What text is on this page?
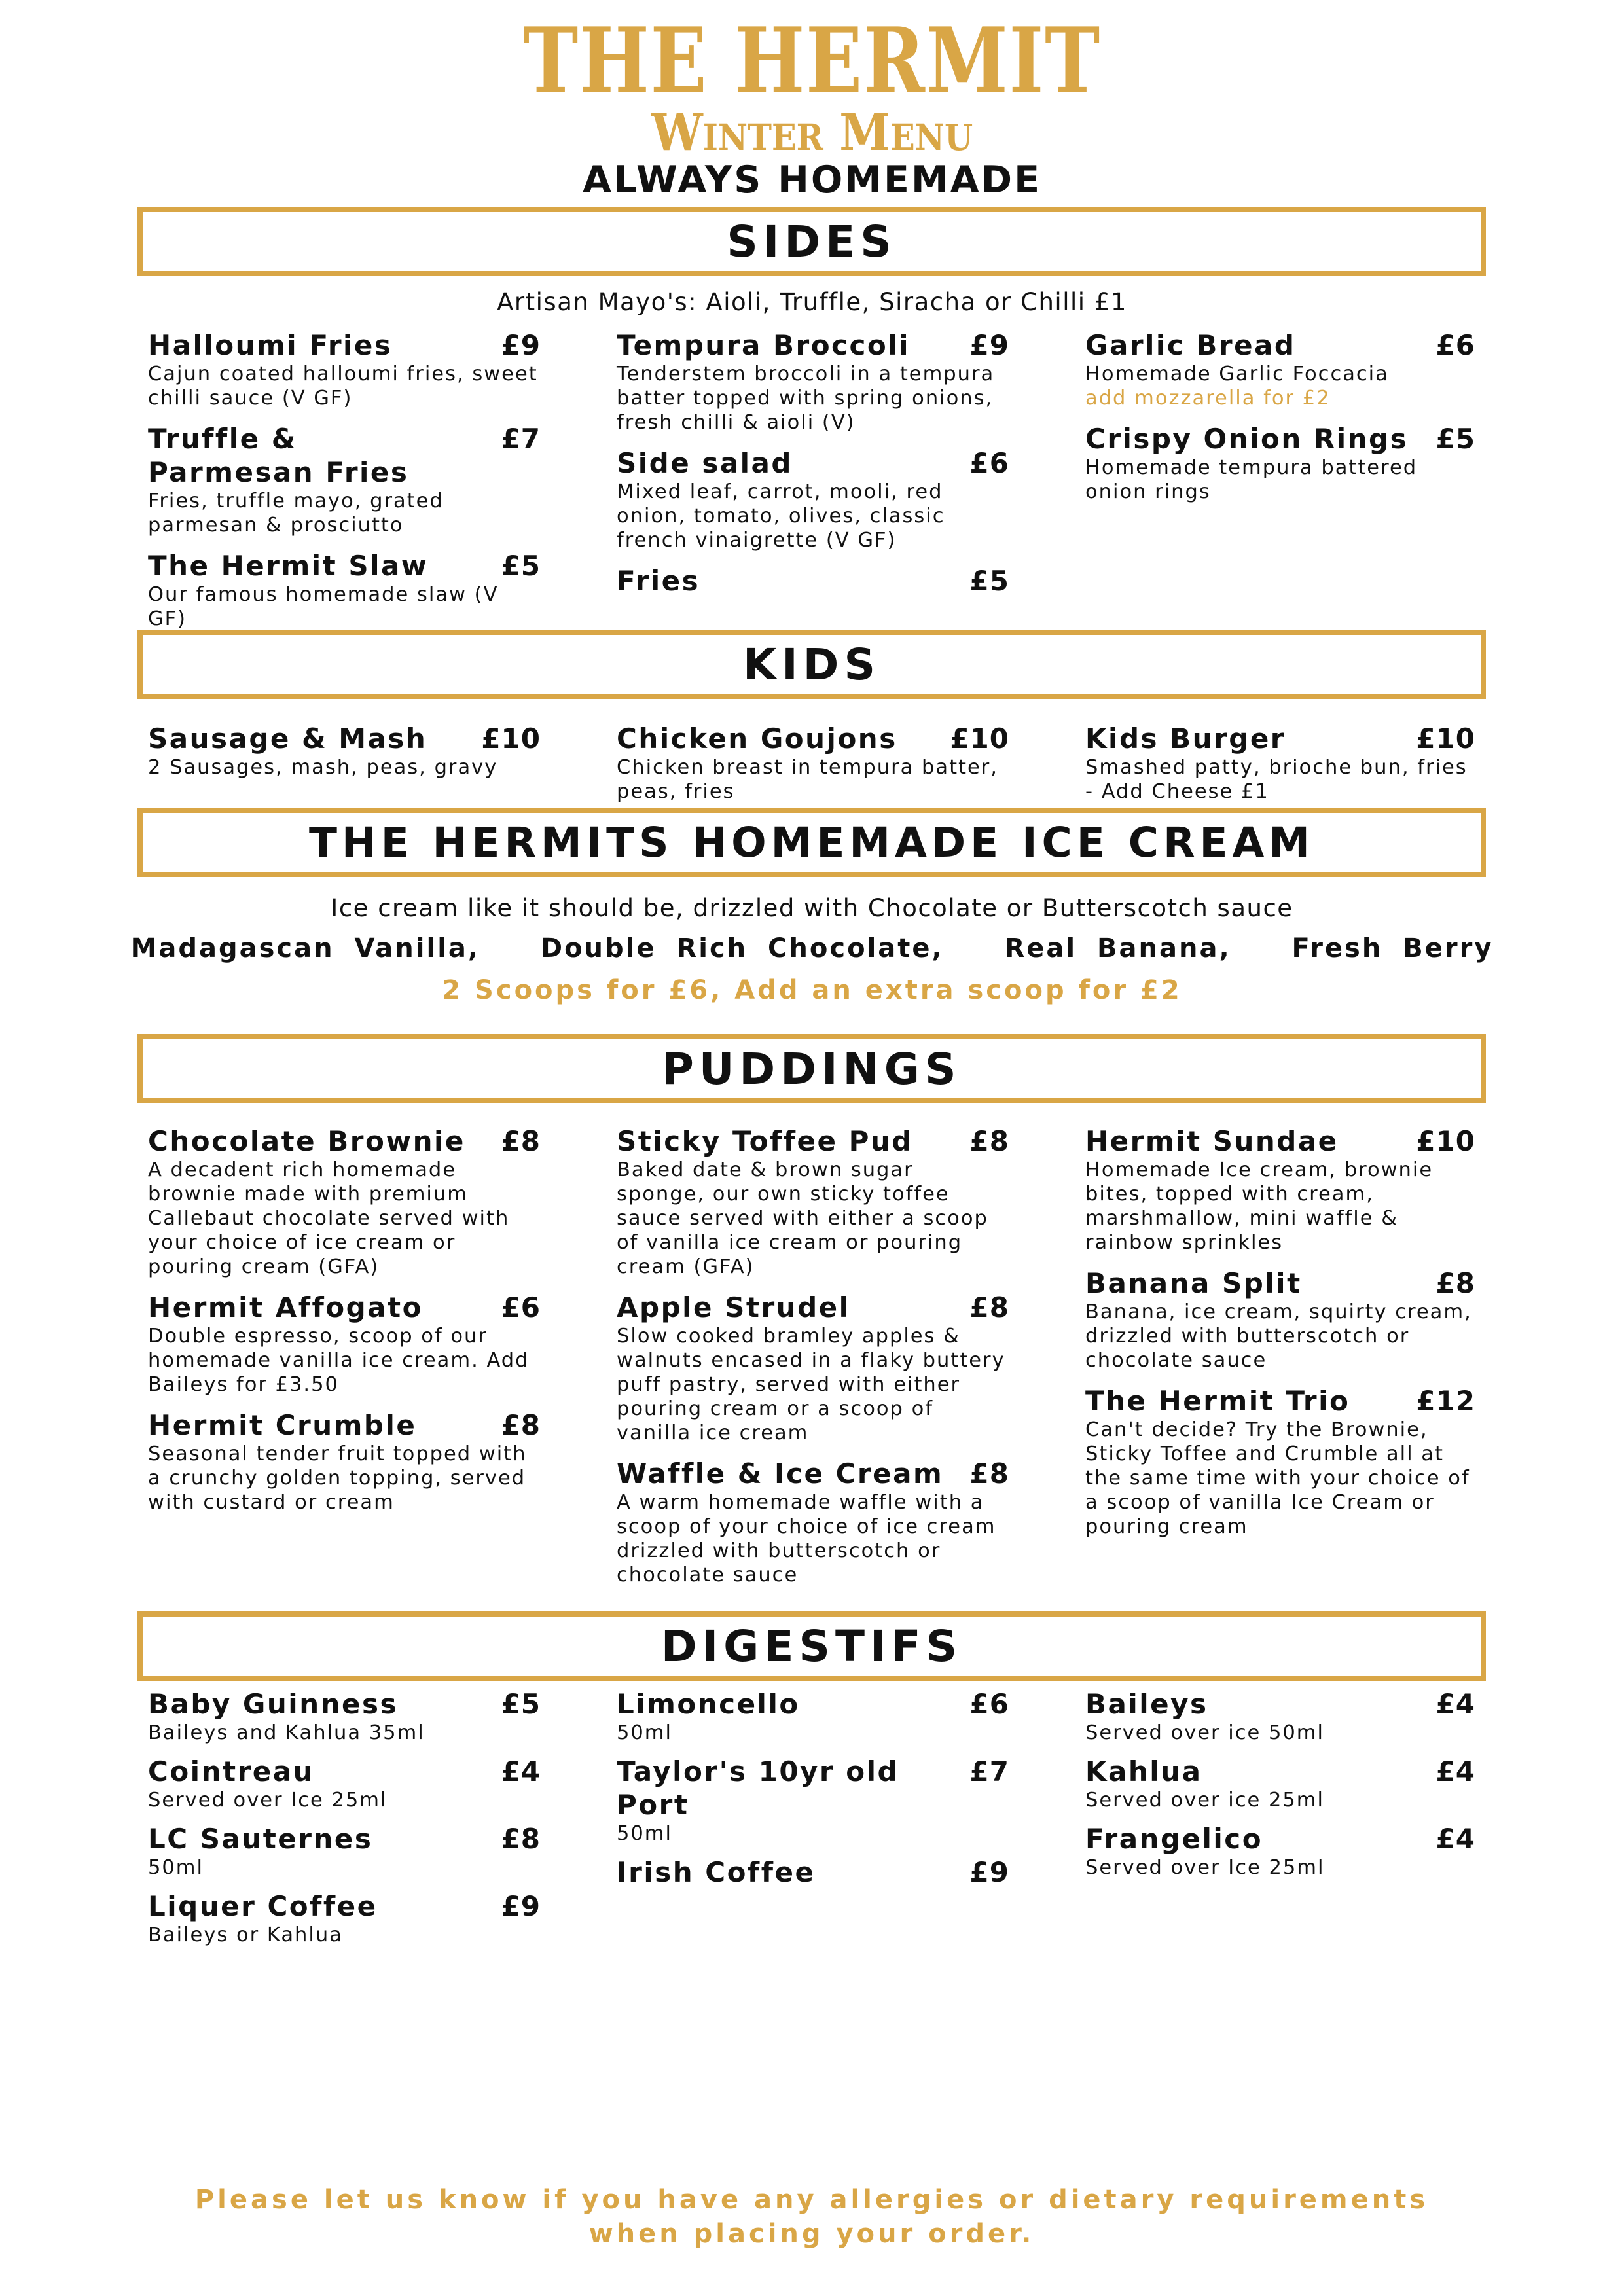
THE HERMIT
Winter Menu
ALWAYS HOMEMADE
SIDES
Artisan Mayo's: Aioli, Truffle, Siracha or Chilli £1
Halloumi Fries	£9
Cajun coated halloumi fries, sweet chilli sauce (V GF)
Truffle & Parmesan Fries
£7
Fries, truffle mayo, grated parmesan & prosciutto
The Hermit Slaw	£5
Our famous homemade slaw (V GF)
Tempura Broccoli £9
Tenderstem broccoli in a tempura batter topped with spring onions, fresh chilli & aioli (V)
Side salad	£6
Mixed leaf, carrot, mooli, red onion, tomato, olives, classic french vinaigrette (V GF)
Fries	£5
Garlic Bread	£6
Homemade Garlic Foccacia
add mozzarella for £2
Crispy Onion Rings £5
Homemade tempura battered onion rings
KIDS
Sausage & Mash £10
2 Sausages, mash, peas, gravy
Chicken Goujons £10
Chicken breast in tempura batter, peas, fries
Kids Burger	£10
Smashed patty, brioche bun, fries - Add Cheese £1
THE HERMITS HOMEMADE ICE CREAM
Ice cream like it should be, drizzled with Chocolate or Butterscotch sauce
Madagascan Vanilla,   Double Rich Chocolate,   Real Banana,   Fresh Berry
2 Scoops for £6, Add an extra scoop for £2
PUDDINGS
Chocolate Brownie £8
A decadent rich homemade brownie made with premium Callebaut chocolate served with your choice of ice cream or pouring cream (GFA)
Hermit Affogato	£6
Double espresso, scoop of our homemade vanilla ice cream. Add Baileys for £3.50
Hermit Crumble	£8
Seasonal tender fruit topped with a crunchy golden topping, served with custard or cream
Sticky Toffee Pud £8
Baked date & brown sugar sponge, our own sticky toffee sauce served with either a scoop of vanilla ice cream or pouring cream (GFA)
Apple Strudel	£8
Slow cooked bramley apples & walnuts encased in a flaky buttery puff pastry, served with either pouring cream or a scoop of vanilla ice cream
Waffle & Ice Cream £8
A warm homemade waffle with a scoop of your choice of ice cream drizzled with butterscotch or chocolate sauce
Hermit Sundae	£10
Homemade Ice cream, brownie bites, topped with cream, marshmallow, mini waffle & rainbow sprinkles
Banana Split	£8
Banana, ice cream, squirty cream, drizzled with butterscotch or chocolate sauce
The Hermit Trio £12
Can't decide? Try the Brownie, Sticky Toffee and Crumble all at the same time with your choice of a scoop of vanilla Ice Cream or pouring cream
DIGESTIFS
Baby Guinness	£5
Baileys and Kahlua 35ml
Cointreau	£4
Served over Ice 25ml
LC Sauternes	£8
50ml
Liquer Coffee	£9
Baileys or Kahlua
Limoncello	£6
50ml
Taylor's 10yr old Port
£7
50ml
Irish Coffee	£9
Baileys	£4
Served over ice 50ml
Kahlua	£4
Served over ice 25ml
Frangelico	£4
Served over Ice 25ml
Please let us know if you have any allergies or dietary requirements when placing your order.
